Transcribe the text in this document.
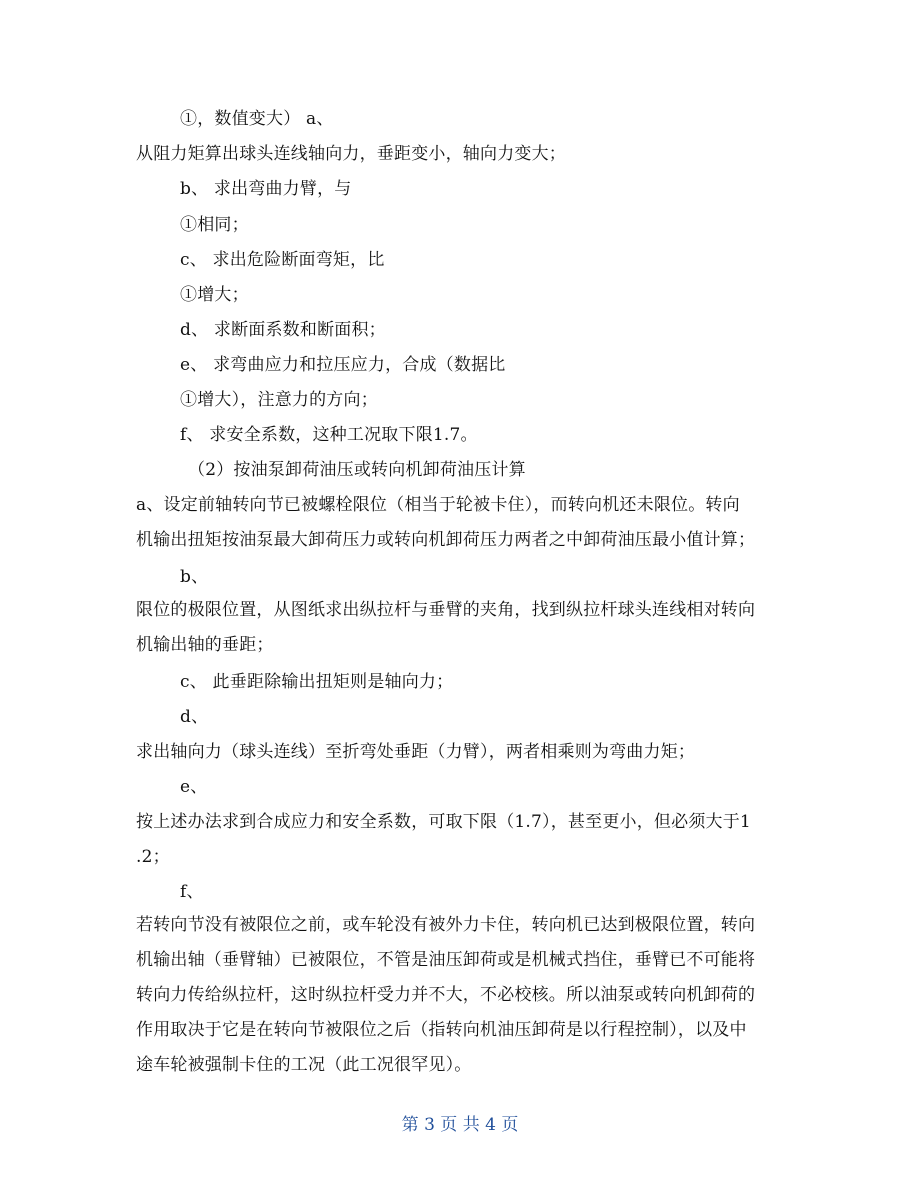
①，数值变大） a、
从阻力矩算出球头连线轴向力，垂距变小，轴向力变大；
b、 求出弯曲力臂，与
①相同；
c、 求出危险断面弯矩，比
①增大；
d、 求断面系数和断面积；
e、 求弯曲应力和拉压应力，合成（数据比
①增大），注意力的方向；
f、 求安全系数，这种工况取下限1.7。
（2）按油泵卸荷油压或转向机卸荷油压计算
a、设定前轴转向节已被螺栓限位（相当于轮被卡住），而转向机还未限位。转向
机输出扭矩按油泵最大卸荷压力或转向机卸荷压力两者之中卸荷油压最小值计算；
b、
限位的极限位置，从图纸求出纵拉杆与垂臂的夹角，找到纵拉杆球头连线相对转向
机输出轴的垂距；
c、 此垂距除输出扭矩则是轴向力；
d、
求出轴向力（球头连线）至折弯处垂距（力臂），两者相乘则为弯曲力矩；
e、
按上述办法求到合成应力和安全系数，可取下限（1.7），甚至更小，但必须大于1
.2；
f、
若转向节没有被限位之前，或车轮没有被外力卡住，转向机已达到极限位置，转向
机输出轴（垂臂轴）已被限位，不管是油压卸荷或是机械式挡住，垂臂已不可能将
转向力传给纵拉杆，这时纵拉杆受力并不大，不必校核。所以油泵或转向机卸荷的
作用取决于它是在转向节被限位之后（指转向机油压卸荷是以行程控制），以及中
途车轮被强制卡住的工况（此工况很罕见）。
第 3 页 共 4 页
